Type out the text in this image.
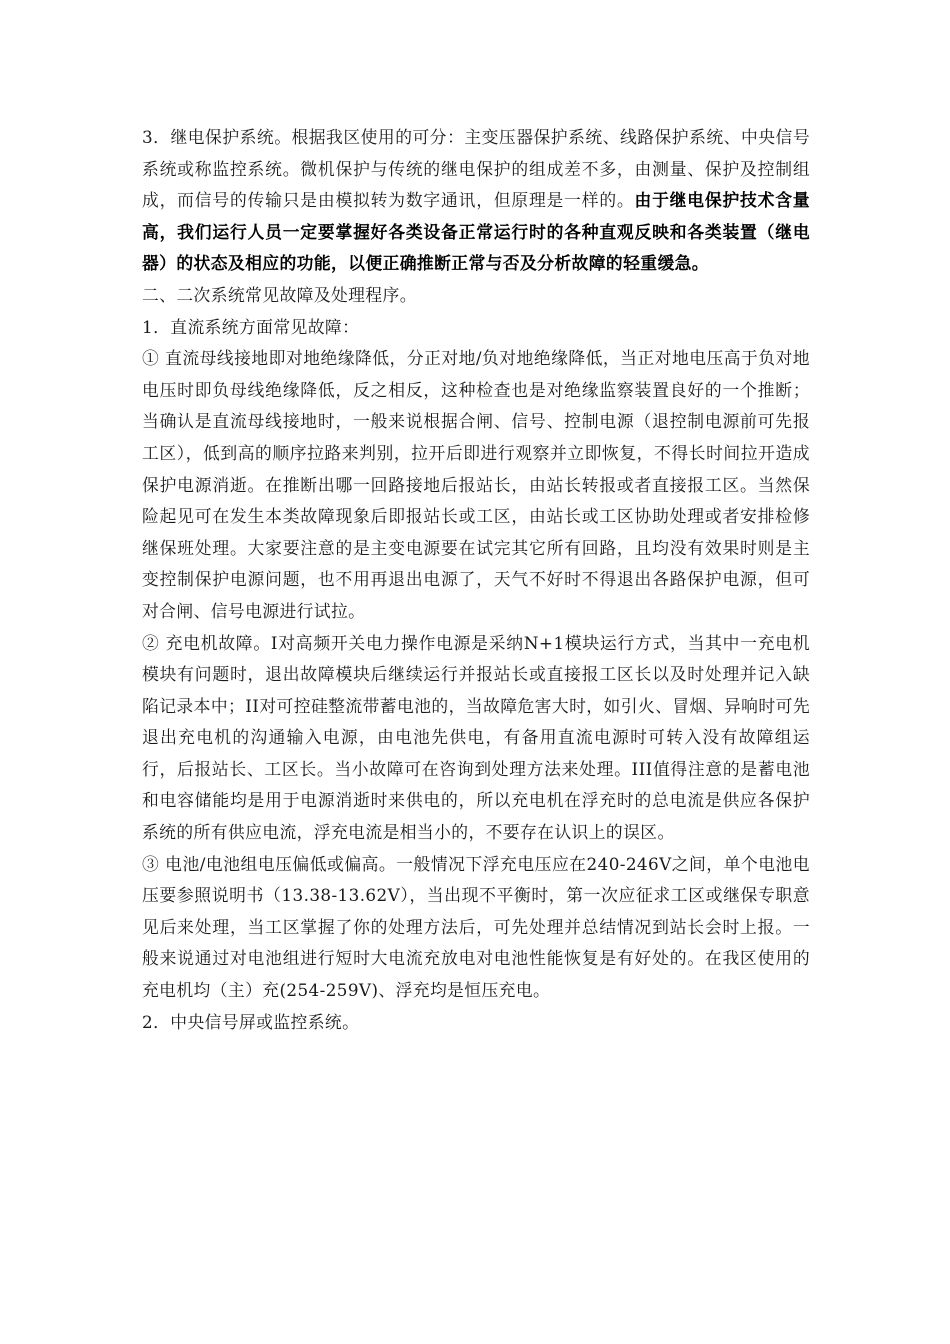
3．继电保护系统。根据我区使用的可分：主变压器保护系统、线路保护系统、中央信号系统或称监控系统。微机保护与传统的继电保护的组成差不多，由测量、保护及控制组成，而信号的传输只是由模拟转为数字通讯，但原理是一样的。由于继电保护技术含量高，我们运行人员一定要掌握好各类设备正常运行时的各种直观反映和各类装置（继电器）的状态及相应的功能，以便正确推断正常与否及分析故障的轻重缓急。

二、二次系统常见故障及处理程序。

1．直流系统方面常见故障：

① 直流母线接地即对地绝缘降低，分正对地/负对地绝缘降低，当正对地电压高于负对地电压时即负母线绝缘降低，反之相反，这种检查也是对绝缘监察装置良好的一个推断；当确认是直流母线接地时，一般来说根据合闸、信号、控制电源（退控制电源前可先报工区），低到高的顺序拉路来判别，拉开后即进行观察并立即恢复，不得长时间拉开造成保护电源消逝。在推断出哪一回路接地后报站长，由站长转报或者直接报工区。当然保险起见可在发生本类故障现象后即报站长或工区，由站长或工区协助处理或者安排检修继保班处理。大家要注意的是主变电源要在试完其它所有回路，且均没有效果时则是主变控制保护电源问题，也不用再退出电源了，天气不好时不得退出各路保护电源，但可对合闸、信号电源进行试拉。

② 充电机故障。I对高频开关电力操作电源是采纳N+1模块运行方式，当其中一充电机模块有问题时，退出故障模块后继续运行并报站长或直接报工区长以及时处理并记入缺陷记录本中；II对可控硅整流带蓄电池的，当故障危害大时，如引火、冒烟、异响时可先退出充电机的沟通输入电源，由电池先供电，有备用直流电源时可转入没有故障组运行，后报站长、工区长。当小故障可在咨询到处理方法来处理。III值得注意的是蓄电池和电容储能均是用于电源消逝时来供电的，所以充电机在浮充时的总电流是供应各保护系统的所有供应电流，浮充电流是相当小的，不要存在认识上的误区。

③ 电池/电池组电压偏低或偏高。一般情况下浮充电压应在240-246V之间，单个电池电压要参照说明书（13.38-13.62V），当出现不平衡时，第一次应征求工区或继保专职意见后来处理，当工区掌握了你的处理方法后，可先处理并总结情况到站长会时上报。一般来说通过对电池组进行短时大电流充放电对电池性能恢复是有好处的。在我区使用的充电机均（主）充(254-259V)、浮充均是恒压充电。

2．中央信号屏或监控系统。
